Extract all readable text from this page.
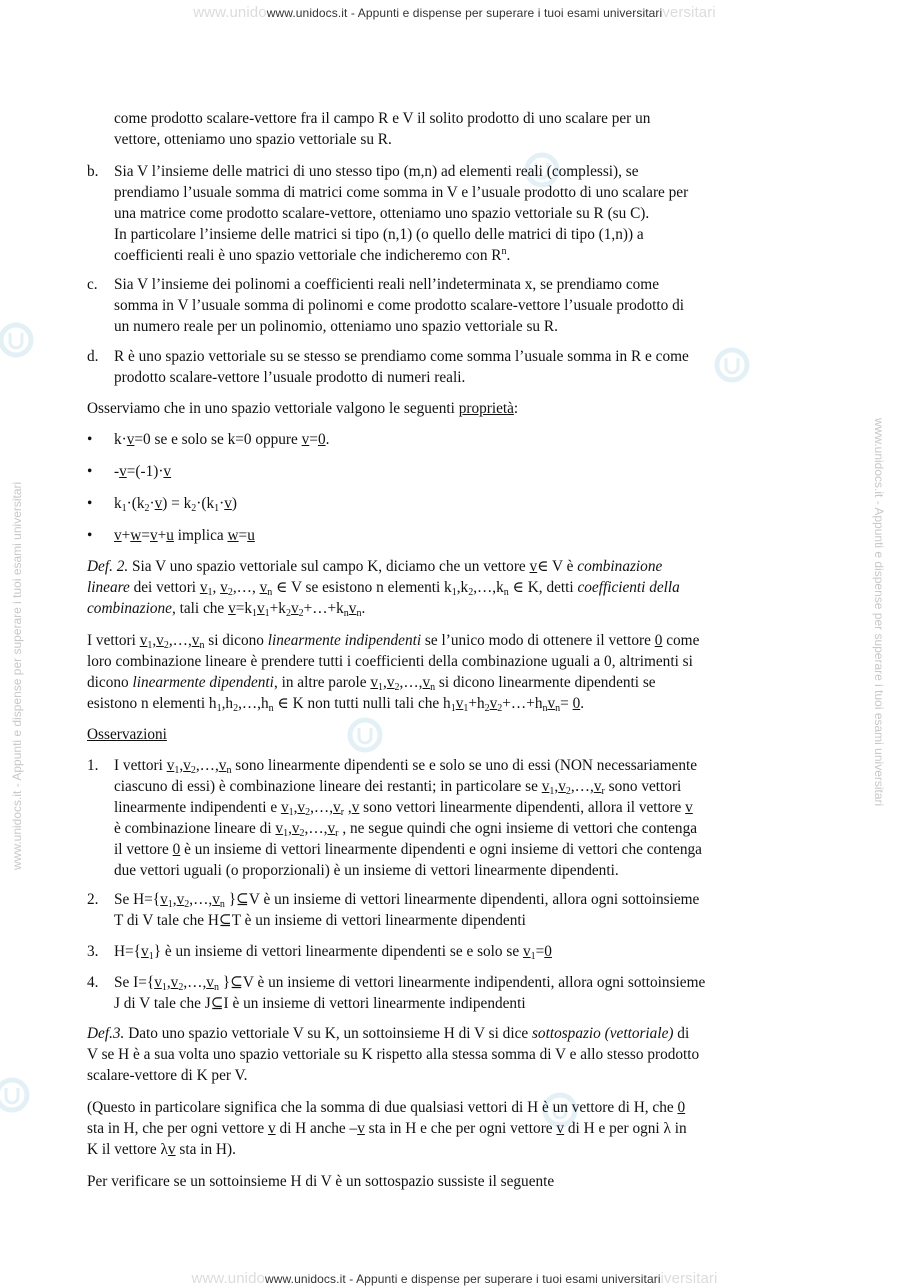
www.unidowww.unidocs.it - Appunti e dispense per superare i tuoi esami universitariversitari
www.unidocs.it - Appunti e dispense per superare i tuoi esami universitari	www.unidocs.it - Appunti e dispense per superare i tuoi esami universitari

come prodotto scalare-vettore fra il campo R e V il solito prodotto di uno scalare per un
vettore, otteniamo uno spazio vettoriale su R.

b. Sia V l’insieme delle matrici di uno stesso tipo (m,n) ad elementi reali (complessi), se
prendiamo l’usuale somma di matrici come somma in V e l’usuale prodotto di uno scalare per
una matrice come prodotto scalare-vettore, otteniamo uno spazio vettoriale su R (su C).
In particolare l’insieme delle matrici si tipo (n,1) (o quello delle matrici di tipo (1,n)) a
coefficienti reali è uno spazio vettoriale che indicheremo con $R^n$.
c. Sia V l’insieme dei polinomi a coefficienti reali nell’indeterminata x, se prendiamo come
somma in V l’usuale somma di polinomi e come prodotto scalare-vettore l’usuale prodotto di
un numero reale per un polinomio, otteniamo uno spazio vettoriale su R.
d. R è uno spazio vettoriale su se stesso se prendiamo come somma l’usuale somma in R e come
prodotto scalare-vettore l’usuale prodotto di numeri reali.

Osserviamo che in uno spazio vettoriale valgono le seguenti proprietà:

• k·v=0 se e solo se k=0 oppure v=0.
• -v=(-1)·v
• $k_1\cdot(k_2\cdot v) = k_2\cdot(k_1\cdot v)$
• v+w=v+u implica w=u

Def. 2. Sia V uno spazio vettoriale sul campo K, diciamo che un vettore v∈ V è combinazione
lineare dei vettori $v_1$, $v_2,\dots$, $v_n$ ∈ V se esistono n elementi $k_1,k_2,\dots,k_n$ ∈ K, detti coefficienti della
combinazione, tali che $v=k_1v_1+k_2v_2+\dots+k_nv_n$.

I vettori $v_1,v_2,\dots,v_n$ si dicono linearmente indipendenti se l’unico modo di ottenere il vettore 0 come
loro combinazione lineare è prendere tutti i coefficienti della combinazione uguali a 0, altrimenti si
dicono linearmente dipendenti, in altre parole $v_1,v_2,\dots,v_n$ si dicono linearmente dipendenti se
esistono n elementi $h_1,h_2,\dots,h_n$ ∈ K non tutti nulli tali che $h_1v_1+h_2v_2+\dots+h_nv_n= 0$.

Osservazioni

1. I vettori $v_1,v_2,\dots,v_n$ sono linearmente dipendenti se e solo se uno di essi (NON necessariamente
ciascuno di essi) è combinazione lineare dei restanti; in particolare se $v_1,v_2,\dots,v_r$ sono vettori
linearmente indipendenti e $v_1,v_2,\dots,v_r$ ,v sono vettori linearmente dipendenti, allora il vettore v
è combinazione lineare di $v_1,v_2,\dots,v_r$ , ne segue quindi che ogni insieme di vettori che contenga
il vettore 0 è un insieme di vettori linearmente dipendenti e ogni insieme di vettori che contenga
due vettori uguali (o proporzionali) è un insieme di vettori linearmente dipendenti.
2. Se $H=\{v_1,v_2,\dots,v_n$ }⊆V è un insieme di vettori linearmente dipendenti, allora ogni sottoinsieme
T di V tale che H⊆T è un insieme di vettori linearmente dipendenti
3. $H=\{v_1\}$ è un insieme di vettori linearmente dipendenti se e solo se $v_1=0$
4. Se $I=\{v_1,v_2,\dots,v_n$ }⊆V è un insieme di vettori linearmente indipendenti, allora ogni sottoinsieme
J di V tale che J⊆I è un insieme di vettori linearmente indipendenti

Def.3. Dato uno spazio vettoriale V su K, un sottoinsieme H di V si dice sottospazio (vettoriale) di
V se H è a sua volta uno spazio vettoriale su K rispetto alla stessa somma di V e allo stesso prodotto
scalare-vettore di K per V.

(Questo in particolare significa che la somma di due qualsiasi vettori di H è un vettore di H, che 0
sta in H, che per ogni vettore v di H anche –v sta in H e che per ogni vettore v di H e per ogni λ in
K il vettore λv sta in H).

Per verificare se un sottoinsieme H di V è un sottospazio sussiste il seguente

www.unidowww.unidocs.it - Appunti e dispense per superare i tuoi esami universitariiversitari
